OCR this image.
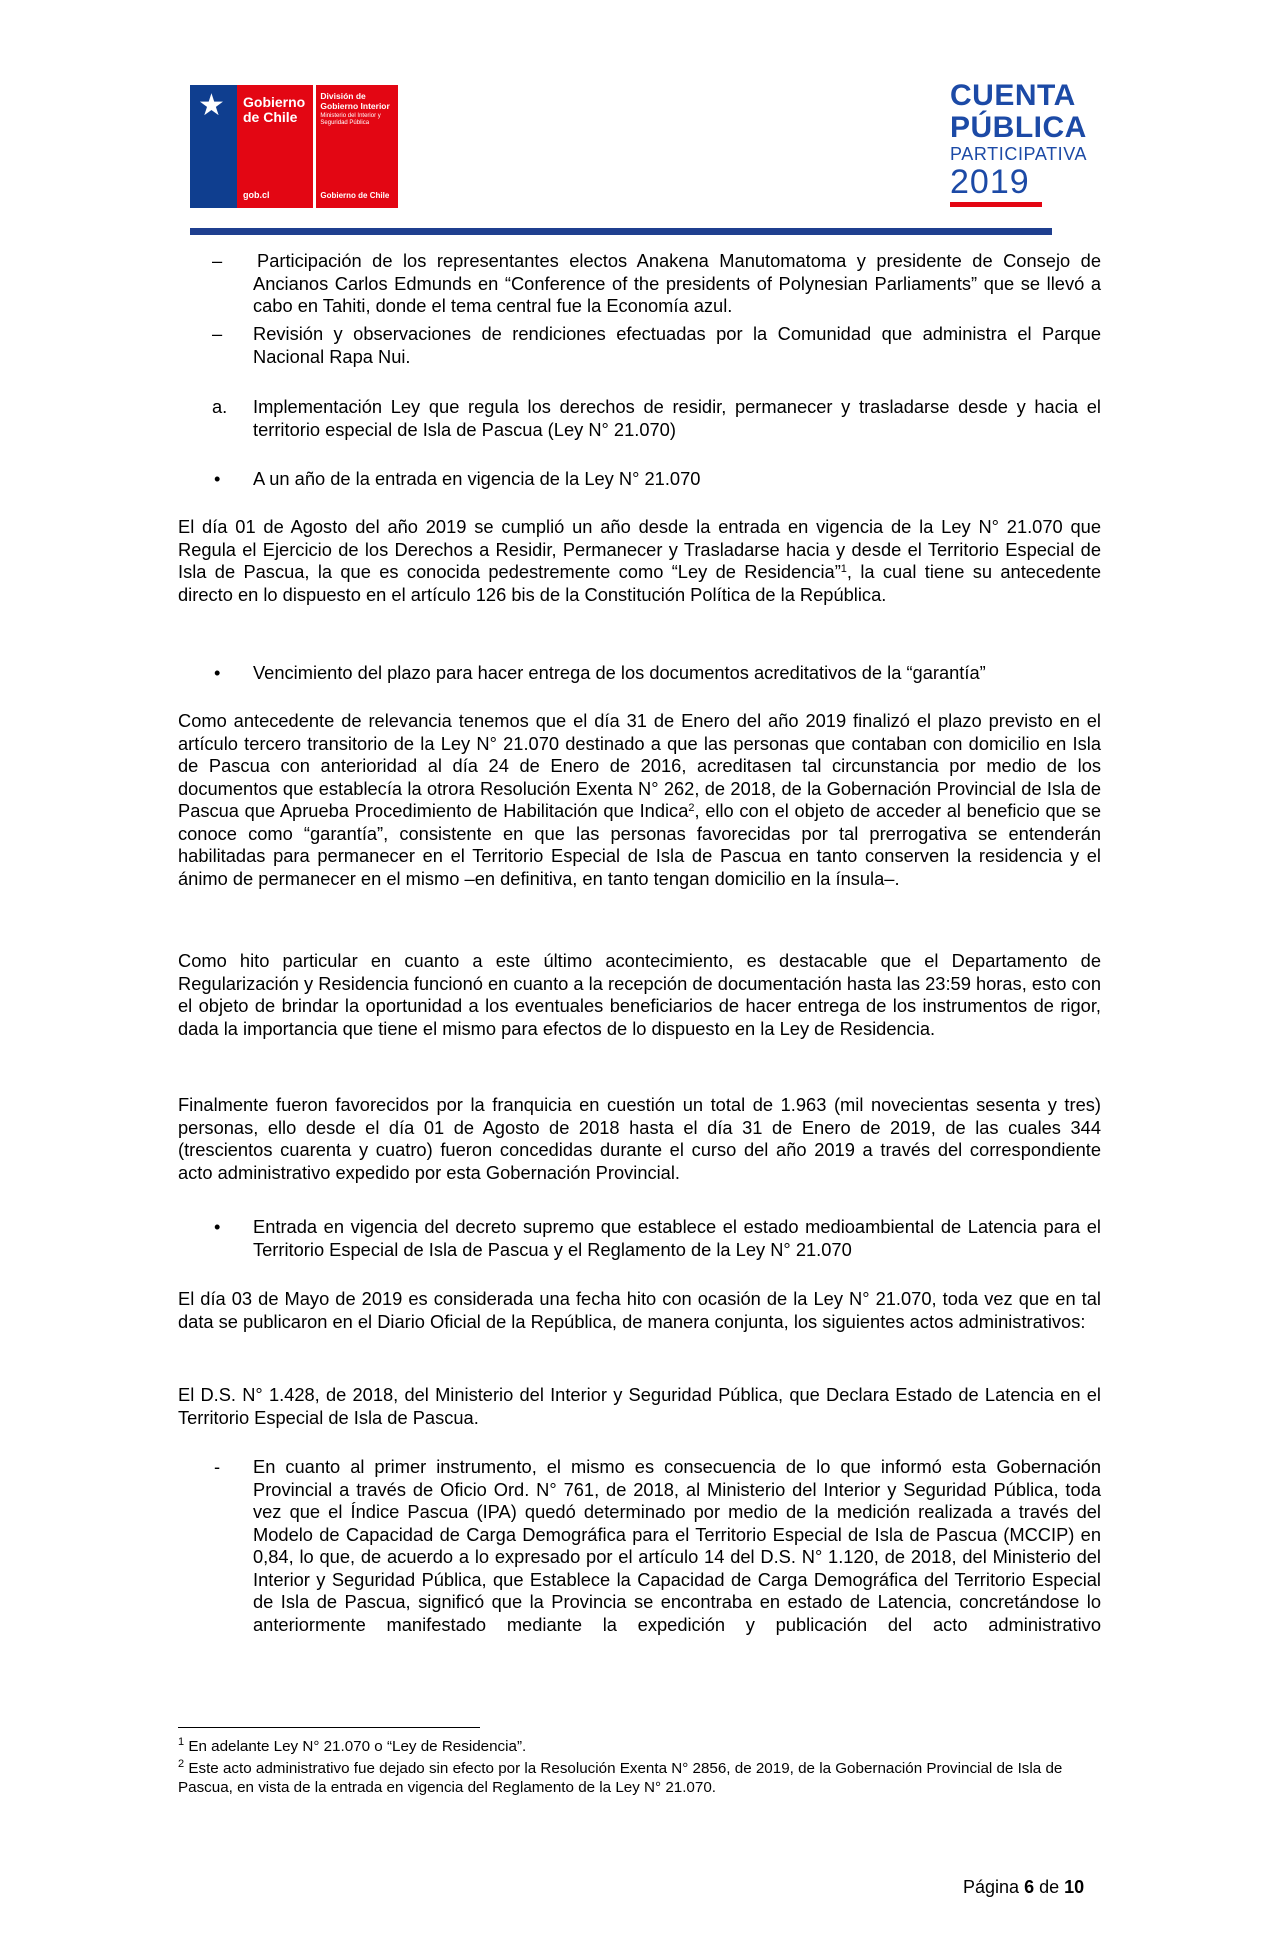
★ Gobierno de Chile
gob.cl
División de Gobierno Interior
Ministerio del Interior y Seguridad Pública
Gobierno de Chile
CUENTA
PÚBLICA
PARTICIPATIVA
2019
– Participación de los representantes electos Anakena Manutomatoma y presidente de Consejo de Ancianos Carlos Edmunds en “Conference of the presidents of Polynesian Parliaments” que se llevó a cabo en Tahiti, donde el tema central fue la Economía azul.
– Revisión y observaciones de rendiciones efectuadas por la Comunidad que administra el Parque Nacional Rapa Nui.
a. Implementación Ley que regula los derechos de residir, permanecer y trasladarse desde y hacia el territorio especial de Isla de Pascua (Ley N° 21.070)
• A un año de la entrada en vigencia de la Ley N° 21.070
El día 01 de Agosto del año 2019 se cumplió un año desde la entrada en vigencia de la Ley N° 21.070 que Regula el Ejercicio de los Derechos a Residir, Permanecer y Trasladarse hacia y desde el Territorio Especial de Isla de Pascua, la que es conocida pedestremente como “Ley de Residencia”$^1$, la cual tiene su antecedente directo en lo dispuesto en el artículo 126 bis de la Constitución Política de la República.
• Vencimiento del plazo para hacer entrega de los documentos acreditativos de la “garantía”
Como antecedente de relevancia tenemos que el día 31 de Enero del año 2019 finalizó el plazo previsto en el artículo tercero transitorio de la Ley N° 21.070 destinado a que las personas que contaban con domicilio en Isla de Pascua con anterioridad al día 24 de Enero de 2016, acreditasen tal circunstancia por medio de los documentos que establecía la otrora Resolución Exenta N° 262, de 2018, de la Gobernación Provincial de Isla de Pascua que Aprueba Procedimiento de Habilitación que Indica$^2$, ello con el objeto de acceder al beneficio que se conoce como “garantía”, consistente en que las personas favorecidas por tal prerrogativa se entenderán habilitadas para permanecer en el Territorio Especial de Isla de Pascua en tanto conserven la residencia y el ánimo de permanecer en el mismo –en definitiva, en tanto tengan domicilio en la ínsula–.
Como hito particular en cuanto a este último acontecimiento, es destacable que el Departamento de Regularización y Residencia funcionó en cuanto a la recepción de documentación hasta las 23:59 horas, esto con el objeto de brindar la oportunidad a los eventuales beneficiarios de hacer entrega de los instrumentos de rigor, dada la importancia que tiene el mismo para efectos de lo dispuesto en la Ley de Residencia.
Finalmente fueron favorecidos por la franquicia en cuestión un total de 1.963 (mil novecientas sesenta y tres) personas, ello desde el día 01 de Agosto de 2018 hasta el día 31 de Enero de 2019, de las cuales 344 (trescientos cuarenta y cuatro) fueron concedidas durante el curso del año 2019 a través del correspondiente acto administrativo expedido por esta Gobernación Provincial.
• Entrada en vigencia del decreto supremo que establece el estado medioambiental de Latencia para el Territorio Especial de Isla de Pascua y el Reglamento de la Ley N° 21.070
El día 03 de Mayo de 2019 es considerada una fecha hito con ocasión de la Ley N° 21.070, toda vez que en tal data se publicaron en el Diario Oficial de la República, de manera conjunta, los siguientes actos administrativos:
El D.S. N° 1.428, de 2018, del Ministerio del Interior y Seguridad Pública, que Declara Estado de Latencia en el Territorio Especial de Isla de Pascua.
- En cuanto al primer instrumento, el mismo es consecuencia de lo que informó esta Gobernación Provincial a través de Oficio Ord. N° 761, de 2018, al Ministerio del Interior y Seguridad Pública, toda vez que el Índice Pascua (IPA) quedó determinado por medio de la medición realizada a través del Modelo de Capacidad de Carga Demográfica para el Territorio Especial de Isla de Pascua (MCCIP) en 0,84, lo que, de acuerdo a lo expresado por el artículo 14 del D.S. N° 1.120, de 2018, del Ministerio del Interior y Seguridad Pública, que Establece la Capacidad de Carga Demográfica del Territorio Especial de Isla de Pascua, significó que la Provincia se encontraba en estado de Latencia, concretándose lo anteriormente manifestado mediante la expedición y publicación del acto administrativo
$^1$ En adelante Ley N° 21.070 o “Ley de Residencia”.
$^2$ Este acto administrativo fue dejado sin efecto por la Resolución Exenta N° 2856, de 2019, de la Gobernación Provincial de Isla de Pascua, en vista de la entrada en vigencia del Reglamento de la Ley N° 21.070.
Página 6 de 10
